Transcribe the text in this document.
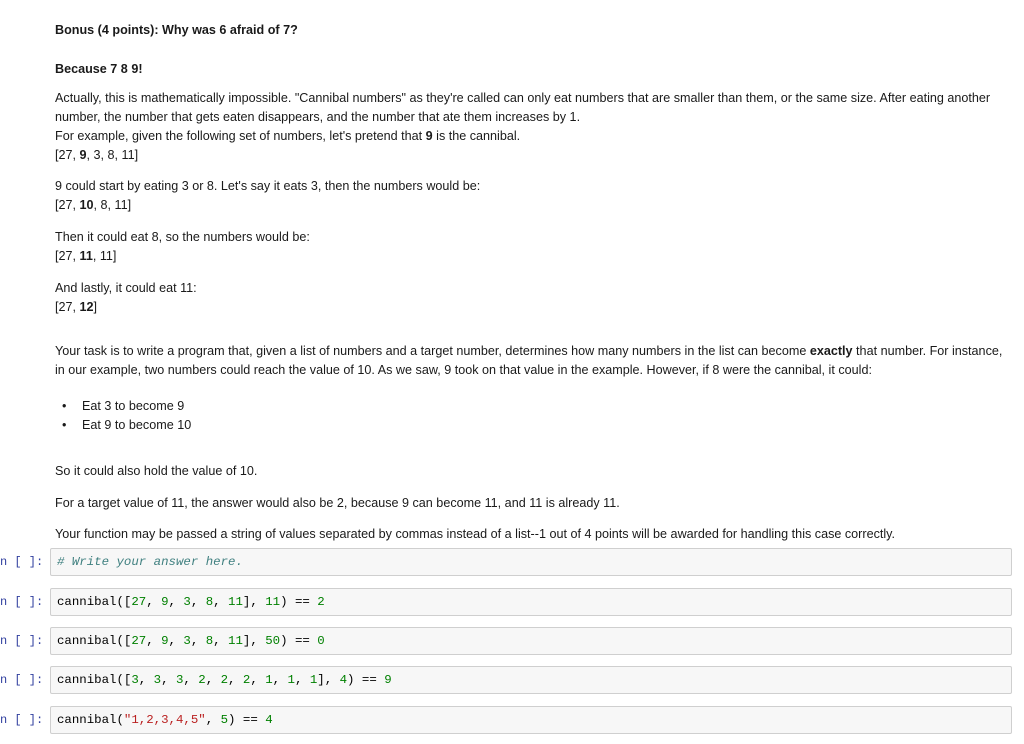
Bonus (4 points): Why was 6 afraid of 7?

Because 7 8 9!

Actually, this is mathematically impossible. "Cannibal numbers" as they're called can only eat numbers that are smaller than them, or the same size. After eating another number, the number that gets eaten disappears, and the number that ate them increases by 1.

For example, given the following set of numbers, let's pretend that 9 is the cannibal.

[27, 9, 3, 8, 11]

9 could start by eating 3 or 8. Let's say it eats 3, then the numbers would be:

[27, 10, 8, 11]

Then it could eat 8, so the numbers would be:

[27, 11, 11]

And lastly, it could eat 11:

[27, 12]

Your task is to write a program that, given a list of numbers and a target number, determines how many numbers in the list can become exactly that number. For instance, in our example, two numbers could reach the value of 10. As we saw, 9 took on that value in the example. However, if 8 were the cannibal, it could:

• Eat 3 to become 9
• Eat 9 to become 10

So it could also hold the value of 10.

For a target value of 11, the answer would also be 2, because 9 can become 11, and 11 is already 11.

Your function may be passed a string of values separated by commas instead of a list--1 out of 4 points will be awarded for handling this case correctly.

n [ ]:	# Write your answer here.
n [ ]:	cannibal([27, 9, 3, 8, 11], 11) == 2
n [ ]:	cannibal([27, 9, 3, 8, 11], 50) == 0
n [ ]:	cannibal([3, 3, 3, 2, 2, 2, 1, 1, 1], 4) == 9
n [ ]:	cannibal("1,2,3,4,5", 5) == 4
